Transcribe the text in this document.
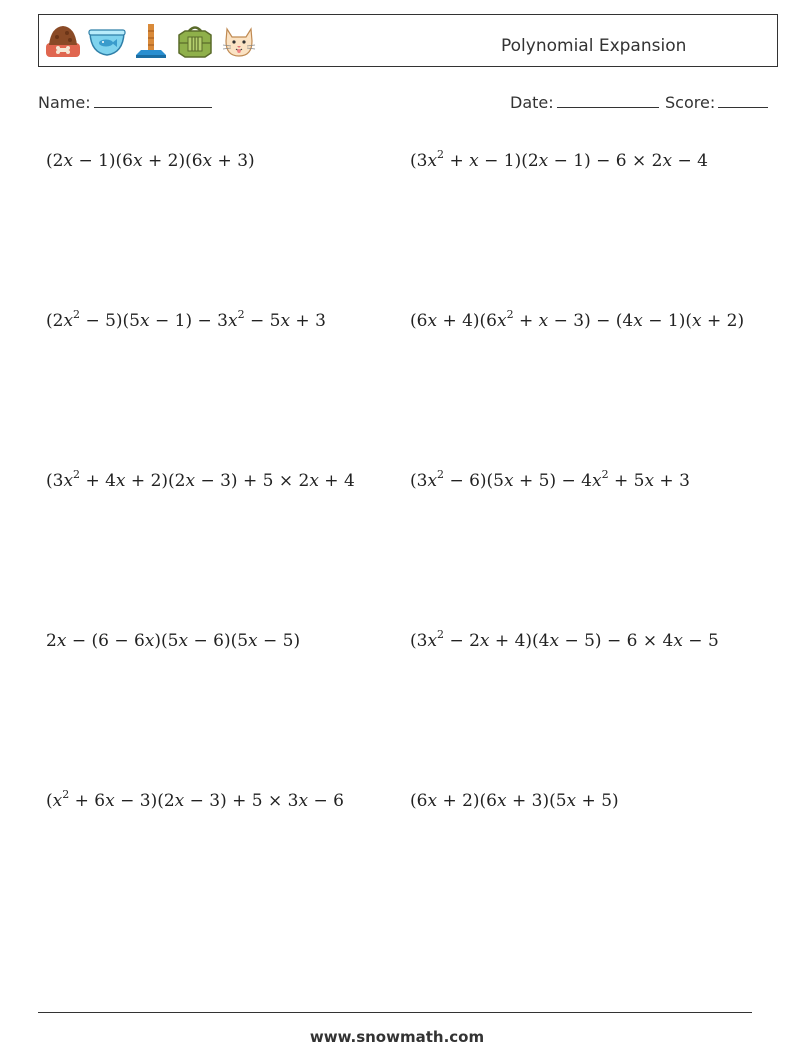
Polynomial Expansion
Name:	Date:	Score:
(2x − 1)(6x + 2)(6x + 3)	$(3x^2 + x - 1)(2x - 1) - 6 \times 2x - 4$
$(2x^2 - 5)(5x - 1) - 3x^2 - 5x + 3$	$(6x + 4)(6x^2 + x - 3) - (4x - 1)(x + 2)$
$(3x^2 + 4x + 2)(2x - 3) + 5 \times 2x + 4$	$(3x^2 - 6)(5x + 5) - 4x^2 + 5x + 3$
2x − (6 − 6x)(5x − 6)(5x − 5)	$(3x^2 - 2x + 4)(4x - 5) - 6 \times 4x - 5$
$(x^2 + 6x - 3)(2x - 3) + 5 \times 3x - 6$	(6x + 2)(6x + 3)(5x + 5)
www.snowmath.com
